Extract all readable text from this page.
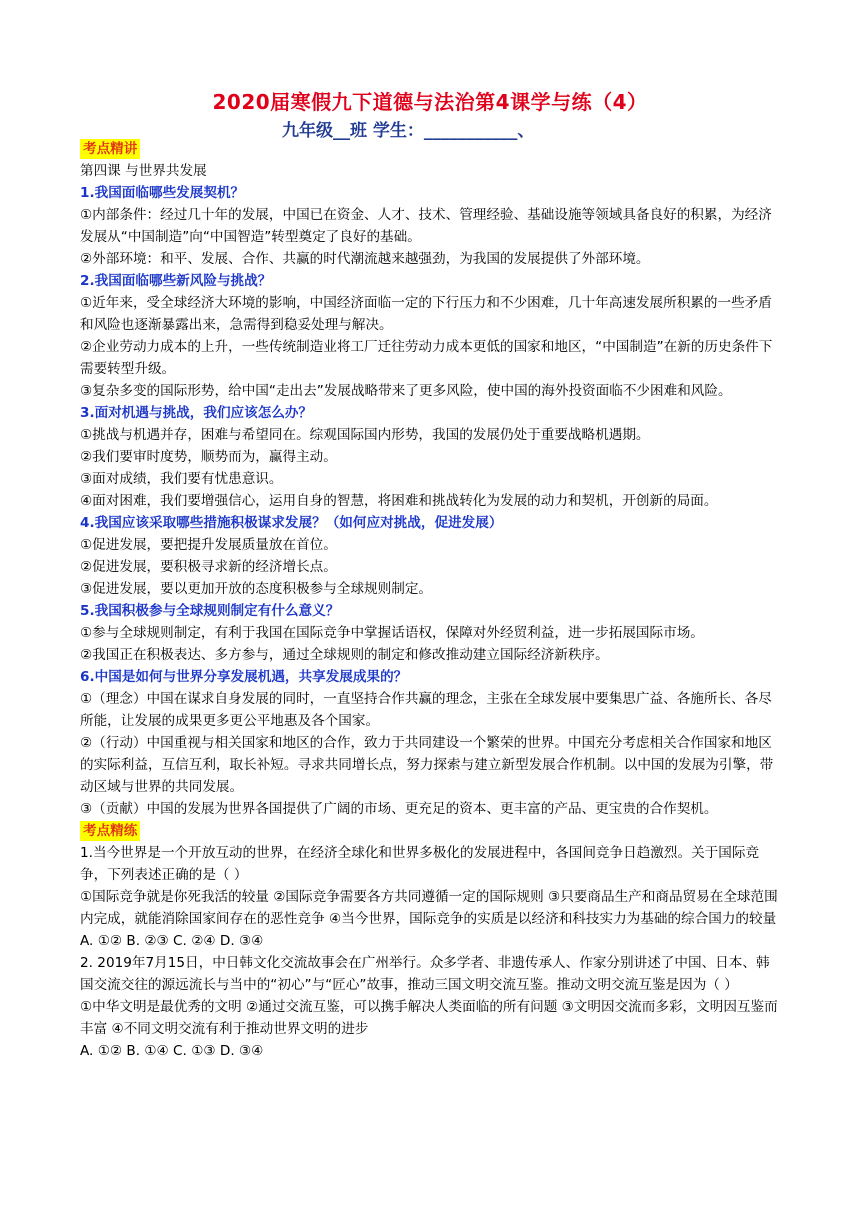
2020届寒假九下道德与法治第4课学与练（4）
九年级__班 学生：___________、

考点精讲

第四课 与世界共发展

1.我国面临哪些发展契机？

①内部条件：经过几十年的发展，中国已在资金、人才、技术、管理经验、基础设施等领域具备良好的积累，为经济发展从“中国制造”向“中国智造”转型奠定了良好的基础。

②外部环境：和平、发展、合作、共赢的时代潮流越来越强劲，为我国的发展提供了外部环境。

2.我国面临哪些新风险与挑战？

①近年来，受全球经济大环境的影响，中国经济面临一定的下行压力和不少困难，几十年高速发展所积累的一些矛盾和风险也逐渐暴露出来，急需得到稳妥处理与解决。

②企业劳动力成本的上升，一些传统制造业将工厂迁往劳动力成本更低的国家和地区，“中国制造”在新的历史条件下需要转型升级。

③复杂多变的国际形势，给中国“走出去”发展战略带来了更多风险，使中国的海外投资面临不少困难和风险。

3.面对机遇与挑战，我们应该怎么办？

①挑战与机遇并存，困难与希望同在。综观国际国内形势，我国的发展仍处于重要战略机遇期。

②我们要审时度势，顺势而为，赢得主动。

③面对成绩，我们要有忧患意识。

④面对困难，我们要增强信心，运用自身的智慧，将困难和挑战转化为发展的动力和契机，开创新的局面。

4.我国应该采取哪些措施积极谋求发展？（如何应对挑战，促进发展）

①促进发展，要把提升发展质量放在首位。

②促进发展，要积极寻求新的经济增长点。

③促进发展，要以更加开放的态度积极参与全球规则制定。

5.我国积极参与全球规则制定有什么意义？

①参与全球规则制定，有利于我国在国际竞争中掌握话语权，保障对外经贸利益，进一步拓展国际市场。

②我国正在积极表达、多方参与，通过全球规则的制定和修改推动建立国际经济新秩序。

6.中国是如何与世界分享发展机遇，共享发展成果的？

①（理念）中国在谋求自身发展的同时，一直坚持合作共赢的理念，主张在全球发展中要集思广益、各施所长、各尽所能，让发展的成果更多更公平地惠及各个国家。

②（行动）中国重视与相关国家和地区的合作，致力于共同建设一个繁荣的世界。中国充分考虑相关合作国家和地区的实际利益，互信互利，取长补短。寻求共同增长点，努力探索与建立新型发展合作机制。以中国的发展为引擎，带动区域与世界的共同发展。

③（贡献）中国的发展为世界各国提供了广阔的市场、更充足的资本、更丰富的产品、更宝贵的合作契机。

考点精练

1.当今世界是一个开放互动的世界，在经济全球化和世界多极化的发展进程中，各国间竞争日趋激烈。关于国际竞争，下列表述正确的是（ ）

①国际竞争就是你死我活的较量 ②国际竞争需要各方共同遵循一定的国际规则 ③只要商品生产和商品贸易在全球范围内完成，就能消除国家间存在的恶性竞争 ④当今世界，国际竞争的实质是以经济和科技实力为基础的综合国力的较量

A. ①② B. ②③ C. ②④ D. ③④

2. 2019年7月15日，中日韩文化交流故事会在广州举行。众多学者、非遗传承人、作家分别讲述了中国、日本、韩国交流交往的源远流长与当中的“初心”与“匠心”故事，推动三国文明交流互鉴。推动文明交流互鉴是因为（ ）

①中华文明是最优秀的文明 ②通过交流互鉴，可以携手解决人类面临的所有问题 ③文明因交流而多彩，文明因互鉴而丰富 ④不同文明交流有利于推动世界文明的进步

A. ①② B. ①④ C. ①③ D. ③④
